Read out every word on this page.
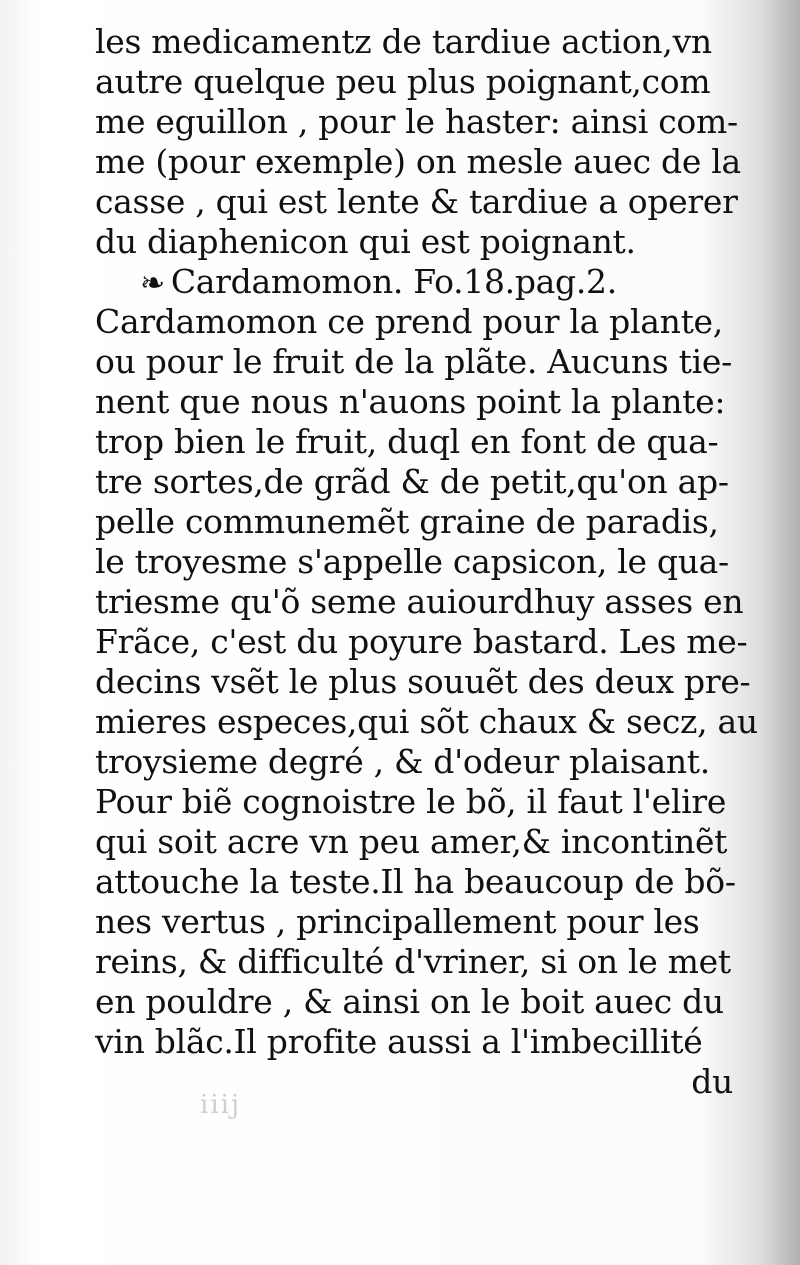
les medicamentz de tardiue action,vn
autre quelque peu plus poignant,com
me eguillon , pour le haster: ainsi com-
me (pour exemple) on mesle auec de la
casse , qui est lente & tardiue a operer
du diaphenicon qui est poignant.
❧ Cardamomon. Fo.18.pag.2.
Cardamomon ce prend pour la plante,
ou pour le fruit de la plãte. Aucuns tie-
nent que nous n'auons point la plante:
trop bien le fruit, duql en font de qua-
tre sortes,de grãd & de petit,qu'on ap-
pelle communemẽt graine de paradis,
le troyesme s'appelle capsicon, le qua-
triesme qu'õ seme auiourdhuy asses en
Frãce, c'est du poyure bastard. Les me-
decins vsẽt le plus souuẽt des deux pre-
mieres especes,qui sõt chaux & secz, au
troysieme degré , & d'odeur plaisant.
Pour biẽ cognoistre le bõ, il faut l'elire
qui soit acre vn peu amer,& incontinẽt
attouche la teste.Il ha beaucoup de bõ-
nes vertus , principallement pour les
reins, & difficulté d'vriner, si on le met
en pouldre , & ainsi on le boit auec du
vin blãc.Il profite aussi a l'imbecillité
du
iiij
